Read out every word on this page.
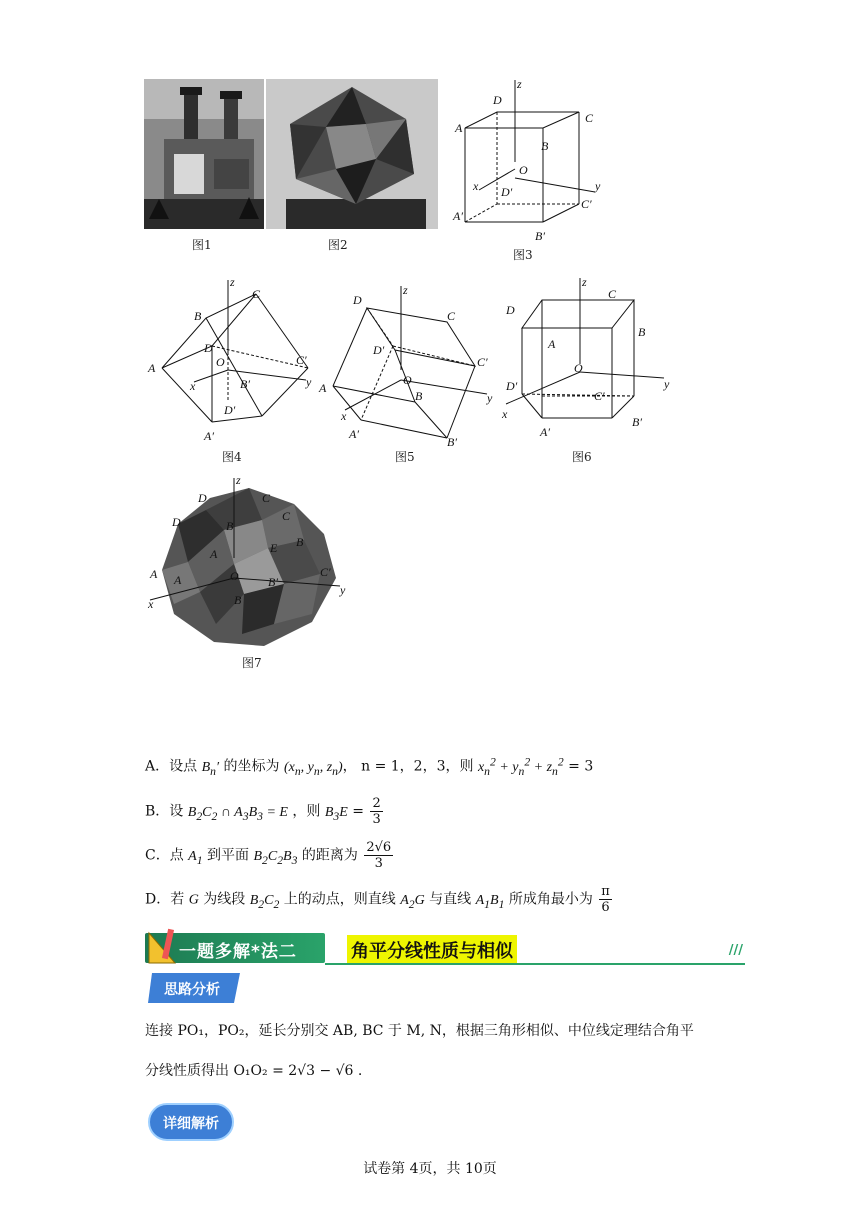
图1	图2
z
y
x
A
D
C
B
O
D′
A′
C′
B′
图3
z
y
x
A
B
C
D
O
B′
C′
D′
A′
图4
z
y
x
D
C
D′
C′
O
A
B
A′
B′
图5
z
y
x
D
C
B
A
O
D′
C′
A′
B′
图6
z
y
x
D	C
D	C
B
B
A	E
A	O B′
C′
A
B
图7
A．设点 $B_n'$ 的坐标为 ($x_n$, $y_n$, $z_n$)， n = 1，2，3，则 $x_n^2 + y_n^2 + z_n^2 = 3$
B．设 $B_2C_2$ ∩ $A_3B_3 = E$ ，则 $B_3E = \frac{2}{3}$
C．点 $A_1$ 到平面 $B_2C_2B_3$ 的距离为 $\frac{2√6}{3}$
D．若 G 为线段 $B_2C_2$ 上的动点，则直线 $A_2G$ 与直线 $A_1B_1$ 所成角最小为 $\frac{\pi}{6}$
一题多解*法二	角平分线性质与相似	///
思路分析
连接 PO₁，PO₂，延长分别交 AB, BC 于 M, N，根据三角形相似、中位线定理结合角平
分线性质得出 O₁O₂ = 2√3 − √6 .
详细解析
试卷第 4页，共 10页
